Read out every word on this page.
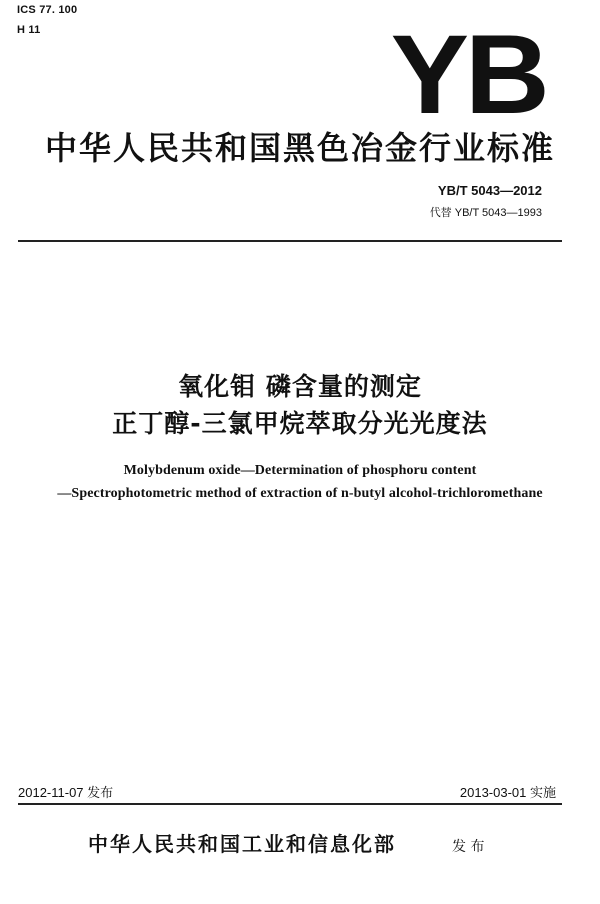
ICS 77. 100
H 11	YB
中华人民共和国黑色冶金行业标准
YB/T 5043—2012
代替 YB/T 5043—1993
氧化钼 磷含量的测定
正丁醇-三氯甲烷萃取分光光度法
Molybdenum oxide—Determination of phosphoru content
—Spectrophotometric method of extraction of n-butyl alcohol-trichloromethane
2012-11-07 发布	2013-03-01 实施
中华人民共和国工业和信息化部	发 布
